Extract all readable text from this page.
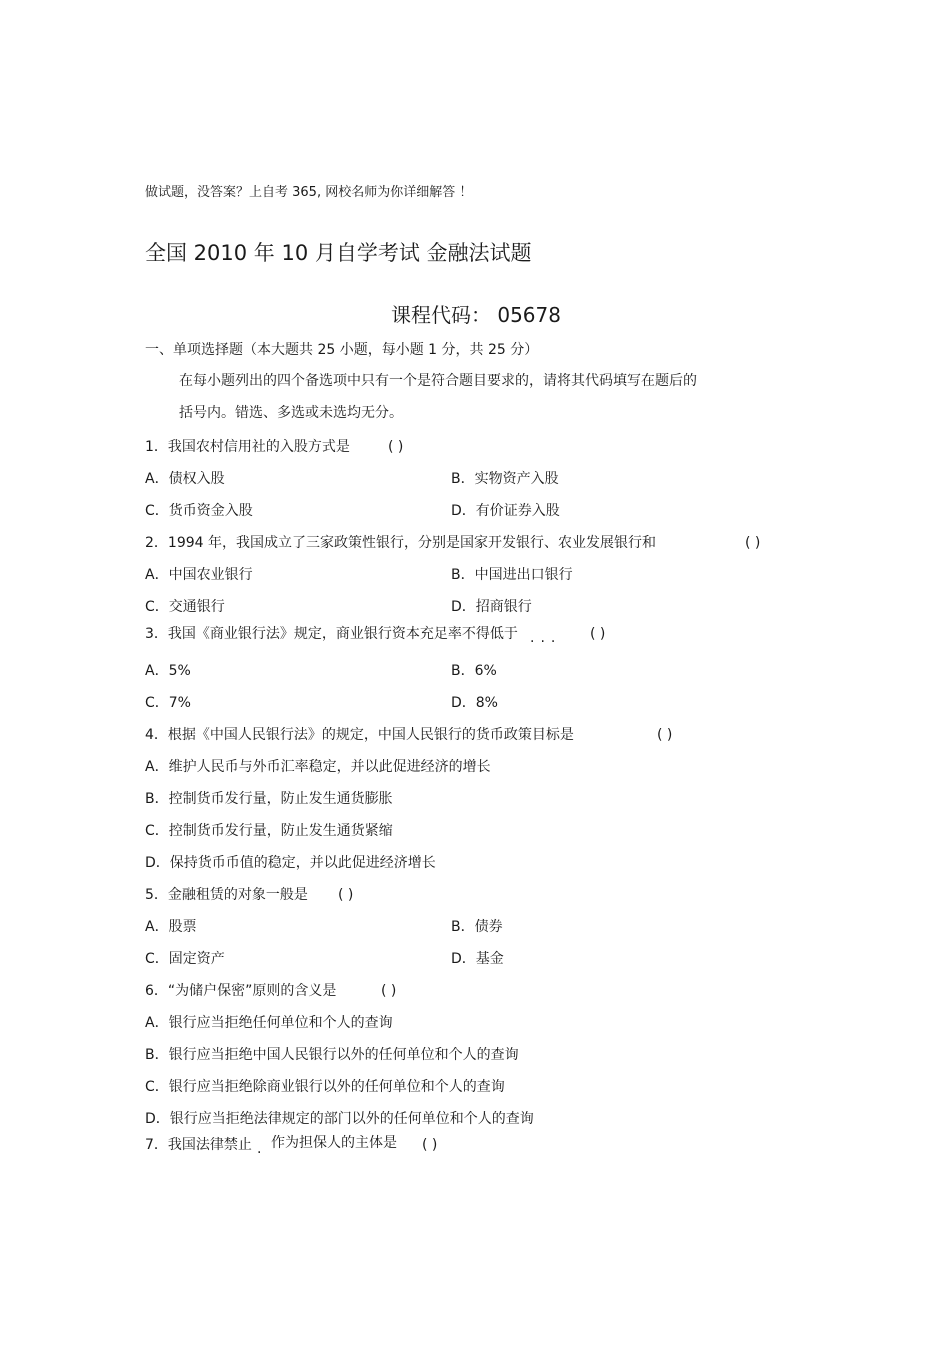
做试题，没答案？上自考 365, 网校名师为你详细解答 ！
全国 2010 年 10 月自学考试 金融法试题
课程代码： 05678
一、单项选择题（本大题共 25 小题，每小题 1 分，共 25 分）
在每小题列出的四个备选项中只有一个是符合题目要求的，请将其代码填写在题后的
括号内。错选、多选或未选均无分。
1．我国农村信用社的入股方式是	( )
A．债权入股	B．实物资产入股
C．货币资金入股	D．有价证券入股
2．1994 年，我国成立了三家政策性银行，分别是国家开发银行、农业发展银行和	( )
A．中国农业银行	B．中国进出口银行
C．交通银行	D．招商银行
3．我国《商业银行法》规定，商业银行资本充足率不得低于 ... ( )
A．5%	B．6%
C．7%	D．8%
4．根据《中国人民银行法》的规定，中国人民银行的货币政策目标是	( )
A．维护人民币与外币汇率稳定，并以此促进经济的增长
B．控制货币发行量，防止发生通货膨胀
C．控制货币发行量，防止发生通货紧缩
D．保持货币币值的稳定，并以此促进经济增长
5．金融租赁的对象一般是 ( )
A．股票	B．债券
C．固定资产	D．基金
6．“为储户保密”原则的含义是	( )
A．银行应当拒绝任何单位和个人的查询
B．银行应当拒绝中国人民银行以外的任何单位和个人的查询
C．银行应当拒绝除商业银行以外的任何单位和个人的查询
D．银行应当拒绝法律规定的部门以外的任何单位和个人的查询
7．我国法律禁止 . 作为担保人的主体是 ( )
